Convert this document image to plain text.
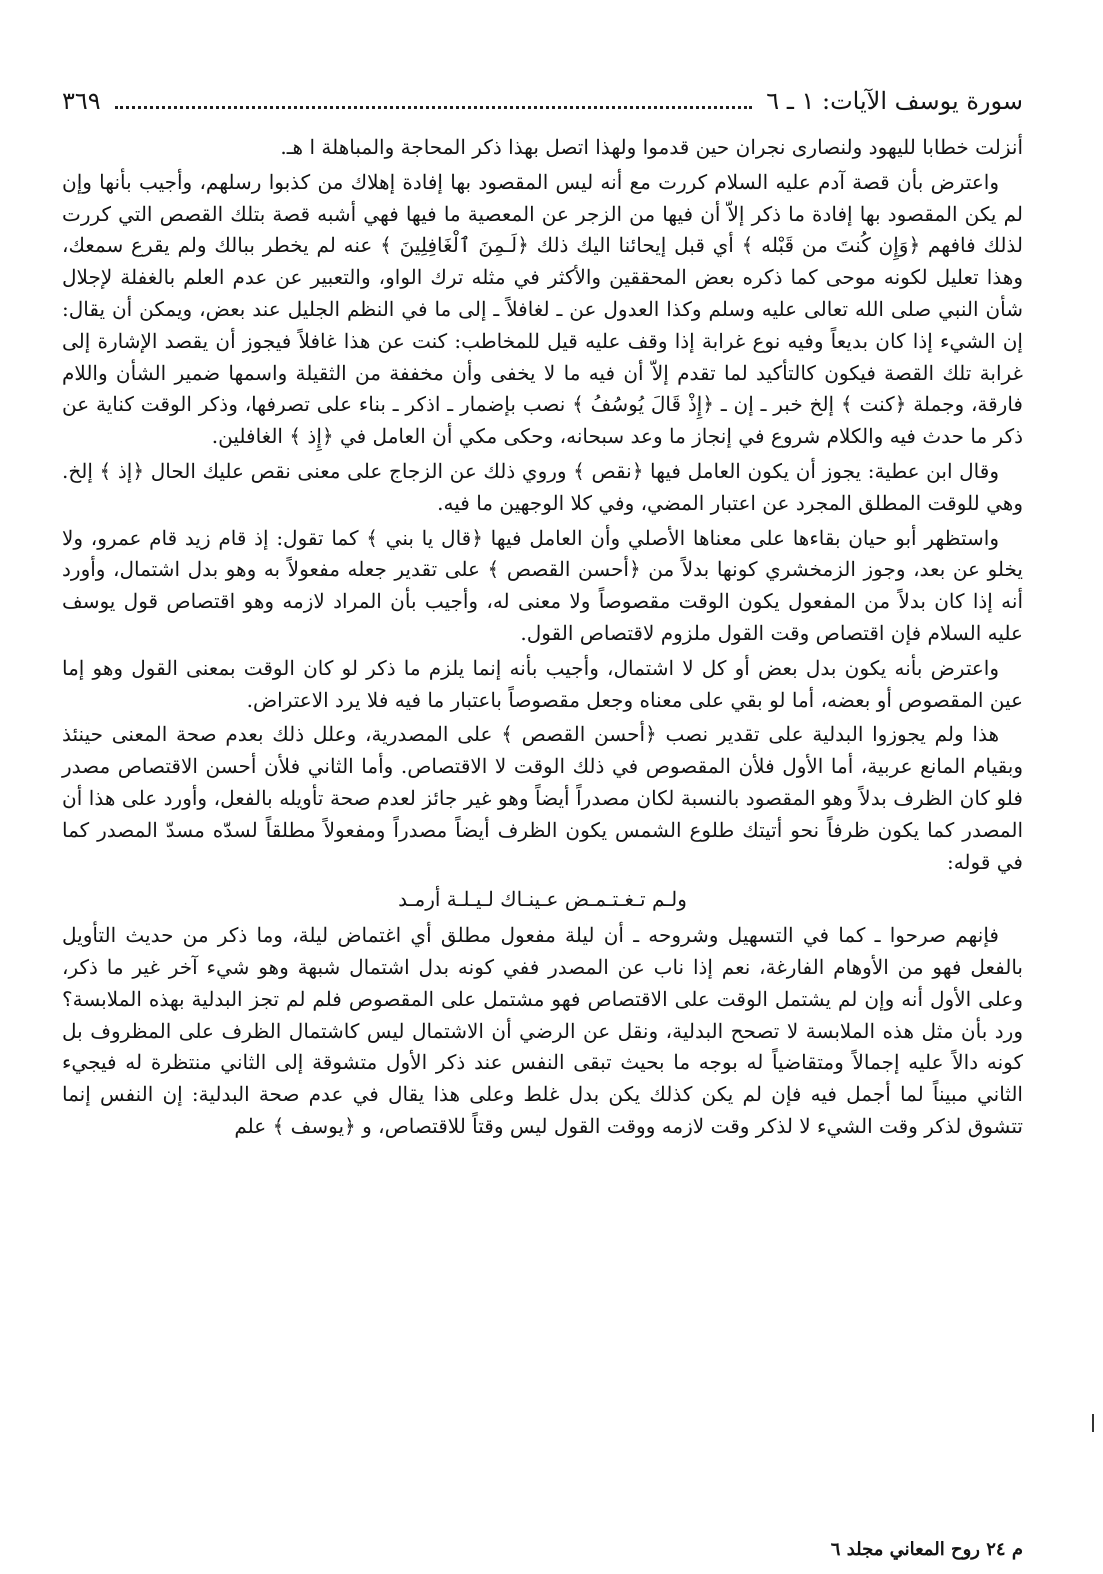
سورة يوسف الآيات: ١ ـ ٦
٣٦٩

أنزلت خطابا لليهود ولنصارى نجران حين قدموا ولهذا اتصل بهذا ذكر المحاجة والمباهلة ا هـ.

واعترض بأن قصة آدم عليه السلام كررت مع أنه ليس المقصود بها إفادة إهلاك من كذبوا رسلهم، وأجيب بأنها وإن لم يكن المقصود بها إفادة ما ذكر إلاّ أن فيها من الزجر عن المعصية ما فيها فهي أشبه قصة بتلك القصص التي كررت لذلك فافهم ﴿وَإِن كُنتَ من قَبْله ﴾ أي قبل إيحائنا اليك ذلك ﴿لَـمِنَ ٱلْغَافِلِينَ ﴾ عنه لم يخطر ببالك ولم يقرع سمعك، وهذا تعليل لكونه موحى كما ذكره بعض المحققين والأكثر في مثله ترك الواو، والتعبير عن عدم العلم بالغفلة لإجلال شأن النبي صلى الله تعالى عليه وسلم وكذا العدول عن ـ لغافلاً ـ إلى ما في النظم الجليل عند بعض، ويمكن أن يقال: إن الشيء إذا كان بديعاً وفيه نوع غرابة إذا وقف عليه قيل للمخاطب: كنت عن هذا غافلاً فيجوز أن يقصد الإشارة إلى غرابة تلك القصة فيكون كالتأكيد لما تقدم إلاّ أن فيه ما لا يخفى وأن مخففة من الثقيلة واسمها ضمير الشأن واللام فارقة، وجملة ﴿كنت ﴾ إلخ خبر ـ إن ـ ﴿إِذْ قَالَ يُوسُفُ ﴾ نصب بإضمار ـ اذكر ـ بناء على تصرفها، وذكر الوقت كناية عن ذكر ما حدث فيه والكلام شروع في إنجاز ما وعد سبحانه، وحكى مكي أن العامل في ﴿إِذ ﴾ الغافلين.

وقال ابن عطية: يجوز أن يكون العامل فيها ﴿نقص ﴾ وروي ذلك عن الزجاج على معنى نقص عليك الحال ﴿إذ ﴾ إلخ. وهي للوقت المطلق المجرد عن اعتبار المضي، وفي كلا الوجهين ما فيه.

واستظهر أبو حيان بقاءها على معناها الأصلي وأن العامل فيها ﴿قال يا بني ﴾ كما تقول: إذ قام زيد قام عمرو، ولا يخلو عن بعد، وجوز الزمخشري كونها بدلاً من ﴿أحسن القصص ﴾ على تقدير جعله مفعولاً به وهو بدل اشتمال، وأورد أنه إذا كان بدلاً من المفعول يكون الوقت مقصوصاً ولا معنى له، وأجيب بأن المراد لازمه وهو اقتصاص قول يوسف عليه السلام فإن اقتصاص وقت القول ملزوم لاقتصاص القول.

واعترض بأنه يكون بدل بعض أو كل لا اشتمال، وأجيب بأنه إنما يلزم ما ذكر لو كان الوقت بمعنى القول وهو إما عين المقصوص أو بعضه، أما لو بقي على معناه وجعل مقصوصاً باعتبار ما فيه فلا يرد الاعتراض.

هذا ولم يجوزوا البدلية على تقدير نصب ﴿أحسن القصص ﴾ على المصدرية، وعلل ذلك بعدم صحة المعنى حينئذ وبقيام المانع عربية، أما الأول فلأن المقصوص في ذلك الوقت لا الاقتصاص. وأما الثاني فلأن أحسن الاقتصاص مصدر فلو كان الظرف بدلاً وهو المقصود بالنسبة لكان مصدراً أيضاً وهو غير جائز لعدم صحة تأويله بالفعل، وأورد على هذا أن المصدر كما يكون ظرفاً نحو أتيتك طلوع الشمس يكون الظرف أيضاً مصدراً ومفعولاً مطلقاً لسدّه مسدّ المصدر كما في قوله:

ولـم تـغـتـمـض عـينـاك لـيـلـة أرمـد

فإنهم صرحوا ـ كما في التسهيل وشروحه ـ أن ليلة مفعول مطلق أي اغتماض ليلة، وما ذكر من حديث التأويل بالفعل فهو من الأوهام الفارغة، نعم إذا ناب عن المصدر ففي كونه بدل اشتمال شبهة وهو شيء آخر غير ما ذكر، وعلى الأول أنه وإن لم يشتمل الوقت على الاقتصاص فهو مشتمل على المقصوص فلم لم تجز البدلية بهذه الملابسة؟ ورد بأن مثل هذه الملابسة لا تصحح البدلية، ونقل عن الرضي أن الاشتمال ليس كاشتمال الظرف على المظروف بل كونه دالاً عليه إجمالاً ومتقاضياً له بوجه ما بحيث تبقى النفس عند ذكر الأول متشوقة إلى الثاني منتظرة له فيجيء الثاني مبيناً لما أجمل فيه فإن لم يكن كذلك يكن بدل غلط وعلى هذا يقال في عدم صحة البدلية: إن النفس إنما تتشوق لذكر وقت الشيء لا لذكر وقت لازمه ووقت القول ليس وقتاً للاقتصاص، و ﴿يوسف ﴾ علم

م ٢٤ روح المعاني مجلد ٦
